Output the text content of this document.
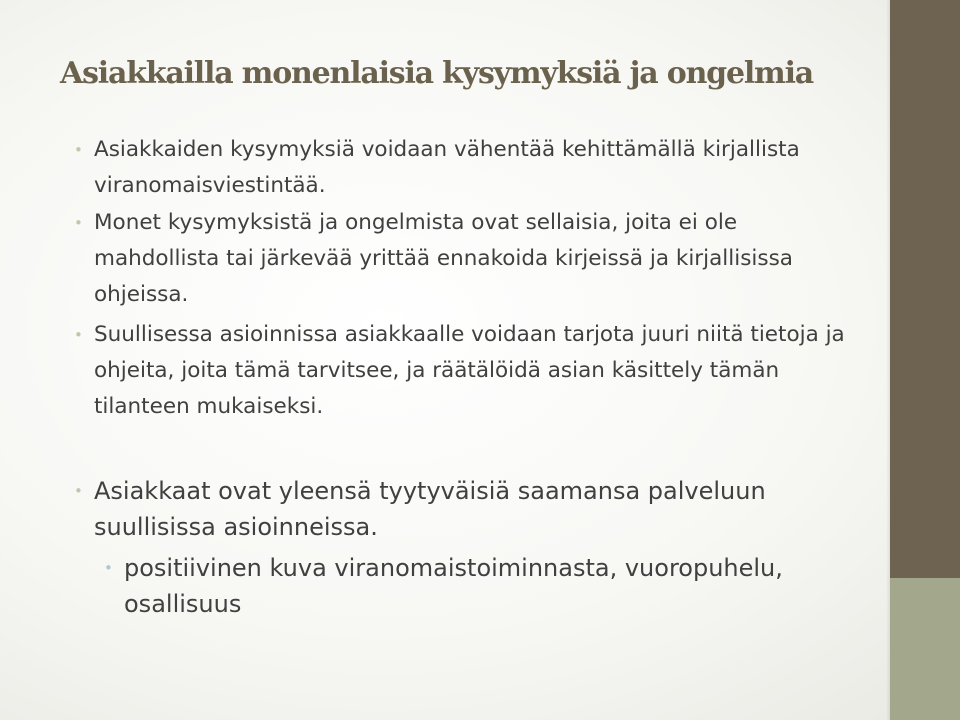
Asiakkailla monenlaisia kysymyksiä ja ongelmia
• Asiakkaiden kysymyksiä voidaan vähentää kehittämällä kirjallista viranomaisviestintää.
• Monet kysymyksistä ja ongelmista ovat sellaisia, joita ei ole mahdollista tai järkevää yrittää ennakoida kirjeissä ja kirjallisissa ohjeissa.
• Suullisessa asioinnissa asiakkaalle voidaan tarjota juuri niitä tietoja ja ohjeita, joita tämä tarvitsee, ja räätälöidä asian käsittely tämän tilanteen mukaiseksi.
• Asiakkaat ovat yleensä tyytyväisiä saamansa palveluun suullisissa asioinneissa.
• positiivinen kuva viranomaistoiminnasta, vuoropuhelu, osallisuus
